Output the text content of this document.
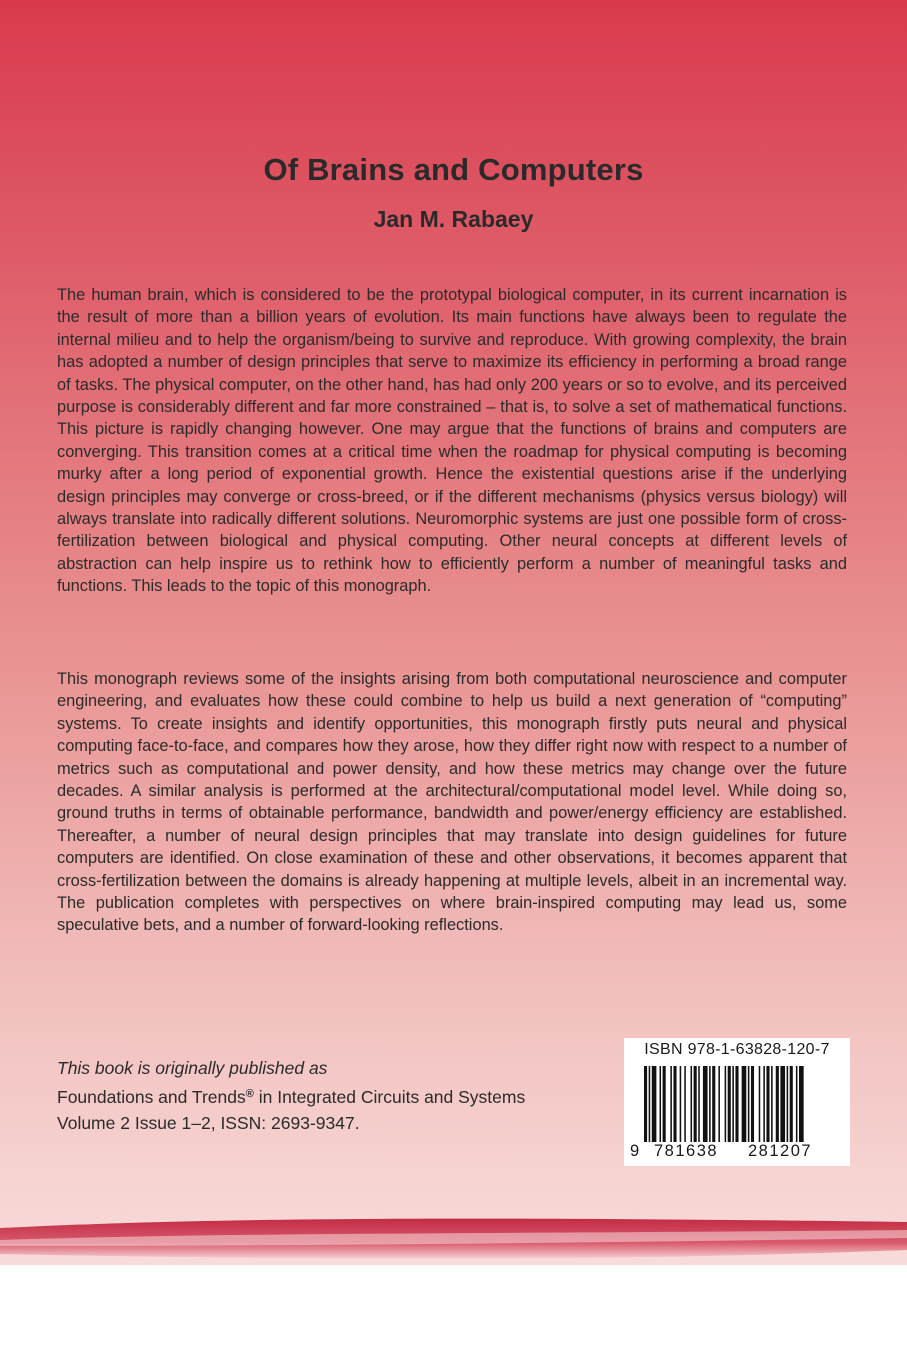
Of Brains and Computers
Jan M. Rabaey

The human brain, which is considered to be the prototypal biological computer, in its current incarnation is the result of more than a billion years of evolution. Its main functions have always been to regulate the internal milieu and to help the organism/being to survive and reproduce. With growing complexity, the brain has adopted a number of design principles that serve to maximize its efficiency in performing a broad range of tasks. The physical computer, on the other hand, has had only 200 years or so to evolve, and its perceived purpose is considerably different and far more constrained – that is, to solve a set of mathematical functions. This picture is rapidly changing however. One may argue that the functions of brains and computers are converging. This transition comes at a critical time when the roadmap for physical computing is becoming murky after a long period of exponential growth. Hence the existential questions arise if the underlying design principles may converge or cross-breed, or if the different mechanisms (physics versus biology) will always translate into radically different solutions. Neuromorphic systems are just one possible form of cross-fertilization between biological and physical computing. Other neural concepts at different levels of abstraction can help inspire us to rethink how to efficiently perform a number of meaningful tasks and functions. This leads to the topic of this monograph.

This monograph reviews some of the insights arising from both computational neuroscience and computer engineering, and evaluates how these could combine to help us build a next generation of “computing” systems. To create insights and identify opportunities, this monograph firstly puts neural and physical computing face-to-face, and compares how they arose, how they differ right now with respect to a number of metrics such as computational and power density, and how these metrics may change over the future decades. A similar analysis is performed at the architectural/computational model level. While doing so, ground truths in terms of obtainable performance, bandwidth and power/energy efficiency are established. Thereafter, a number of neural design principles that may translate into design guidelines for future computers are identified. On close examination of these and other observations, it becomes apparent that cross-fertilization between the domains is already happening at multiple levels, albeit in an incremental way. The publication completes with perspectives on where brain-inspired computing may lead us, some speculative bets, and a number of forward-looking reflections.

This book is originally published as
Foundations and Trends® in Integrated Circuits and Systems
Volume 2 Issue 1–2, ISSN: 2693-9347.
ISBN 978-1-63828-120-7
9 781638 281207
